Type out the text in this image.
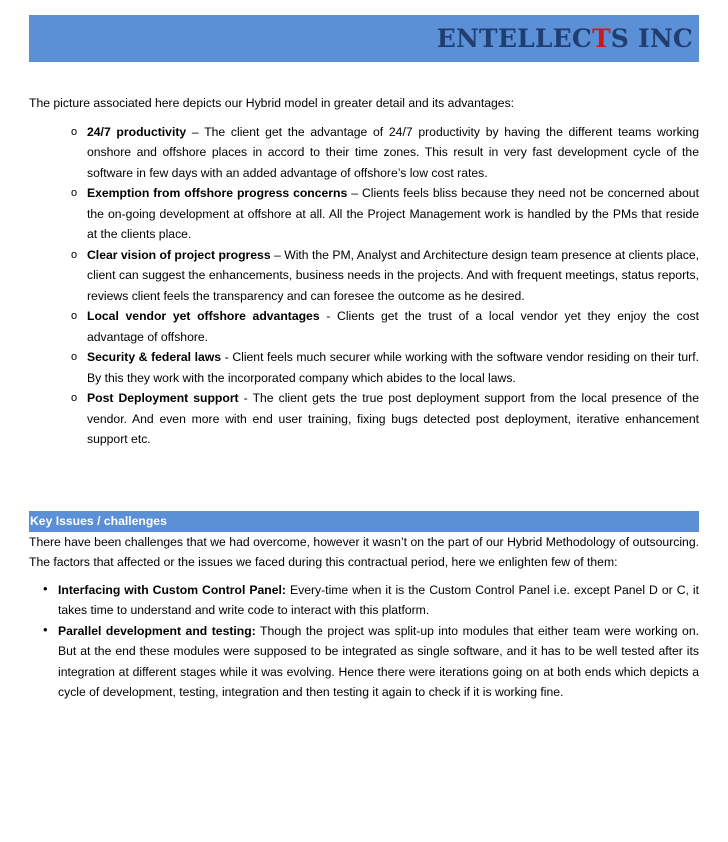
ENTELLECTS INC

The picture associated here depicts our Hybrid model in greater detail and its advantages:

o 24/7 productivity – The client get the advantage of 24/7 productivity by having the different teams working onshore and offshore places in accord to their time zones. This result in very fast development cycle of the software in few days with an added advantage of offshore’s low cost rates.
o Exemption from offshore progress concerns – Clients feels bliss because they need not be concerned about the on-going development at offshore at all. All the Project Management work is handled by the PMs that reside at the clients place.
o Clear vision of project progress – With the PM, Analyst and Architecture design team presence at clients place, client can suggest the enhancements, business needs in the projects. And with frequent meetings, status reports, reviews client feels the transparency and can foresee the outcome as he desired.
o Local vendor yet offshore advantages - Clients get the trust of a local vendor yet they enjoy the cost advantage of offshore.
o Security & federal laws - Client feels much securer while working with the software vendor residing on their turf. By this they work with the incorporated company which abides to the local laws.
o Post Deployment support - The client gets the true post deployment support from the local presence of the vendor. And even more with end user training, fixing bugs detected post deployment, iterative enhancement support etc.
Key Issues / challenges

There have been challenges that we had overcome, however it wasn’t on the part of our Hybrid Methodology of outsourcing. The factors that affected or the issues we faced during this contractual period, here we enlighten few of them:

• Interfacing with Custom Control Panel: Every-time when it is the Custom Control Panel i.e. except Panel D or C, it takes time to understand and write code to interact with this platform.
• Parallel development and testing: Though the project was split-up into modules that either team were working on. But at the end these modules were supposed to be integrated as single software, and it has to be well tested after its integration at different stages while it was evolving. Hence there were iterations going on at both ends which depicts a cycle of development, testing, integration and then testing it again to check if it is working fine.
